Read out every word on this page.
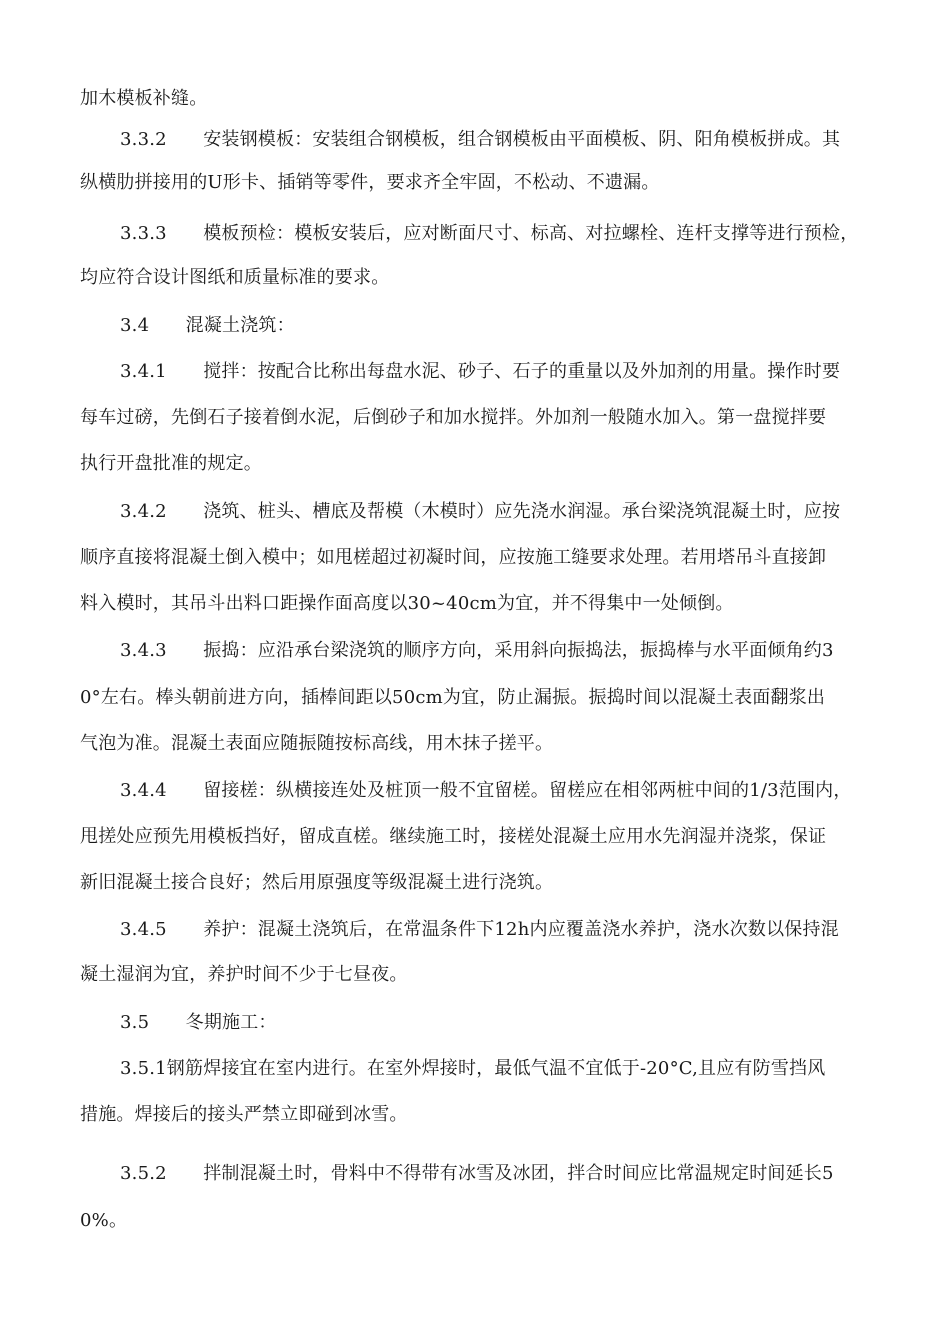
加木模板补缝。
3.3.2　　安装钢模板：安装组合钢模板，组合钢模板由平面模板、阴、阳角模板拼成。其
纵横肋拼接用的U形卡、插销等零件，要求齐全牢固，不松动、不遗漏。
3.3.3　　模板预检：模板安装后，应对断面尺寸、标高、对拉螺栓、连杆支撑等进行预检，
均应符合设计图纸和质量标准的要求。
3.4　　混凝土浇筑：
3.4.1　　搅拌：按配合比称出每盘水泥、砂子、石子的重量以及外加剂的用量。操作时要
每车过磅，先倒石子接着倒水泥，后倒砂子和加水搅拌。外加剂一般随水加入。第一盘搅拌要
执行开盘批准的规定。
3.4.2　　浇筑、桩头、槽底及帮模（木模时）应先浇水润湿。承台梁浇筑混凝土时，应按
顺序直接将混凝土倒入模中；如甩槎超过初凝时间，应按施工缝要求处理。若用塔吊斗直接卸
料入模时，其吊斗出料口距操作面高度以30~40cm为宜，并不得集中一处倾倒。
3.4.3　　振捣：应沿承台梁浇筑的顺序方向，采用斜向振捣法，振捣棒与水平面倾角约3
0°左右。棒头朝前进方向，插棒间距以50cm为宜，防止漏振。振捣时间以混凝土表面翻浆出
气泡为准。混凝土表面应随振随按标高线，用木抹子搓平。
3.4.4　　留接槎：纵横接连处及桩顶一般不宜留槎。留槎应在相邻两桩中间的1/3范围内，
甩搓处应预先用模板挡好，留成直槎。继续施工时，接槎处混凝土应用水先润湿并浇浆，保证
新旧混凝土接合良好；然后用原强度等级混凝土进行浇筑。
3.4.5　　养护：混凝土浇筑后，在常温条件下12h内应覆盖浇水养护，浇水次数以保持混
凝土湿润为宜，养护时间不少于七昼夜。
3.5　　冬期施工：
3.5.1钢筋焊接宜在室内进行。在室外焊接时，最低气温不宜低于-20°C,且应有防雪挡风
措施。焊接后的接头严禁立即碰到冰雪。
3.5.2　　拌制混凝土时，骨料中不得带有冰雪及冰团，拌合时间应比常温规定时间延长5
0%。
